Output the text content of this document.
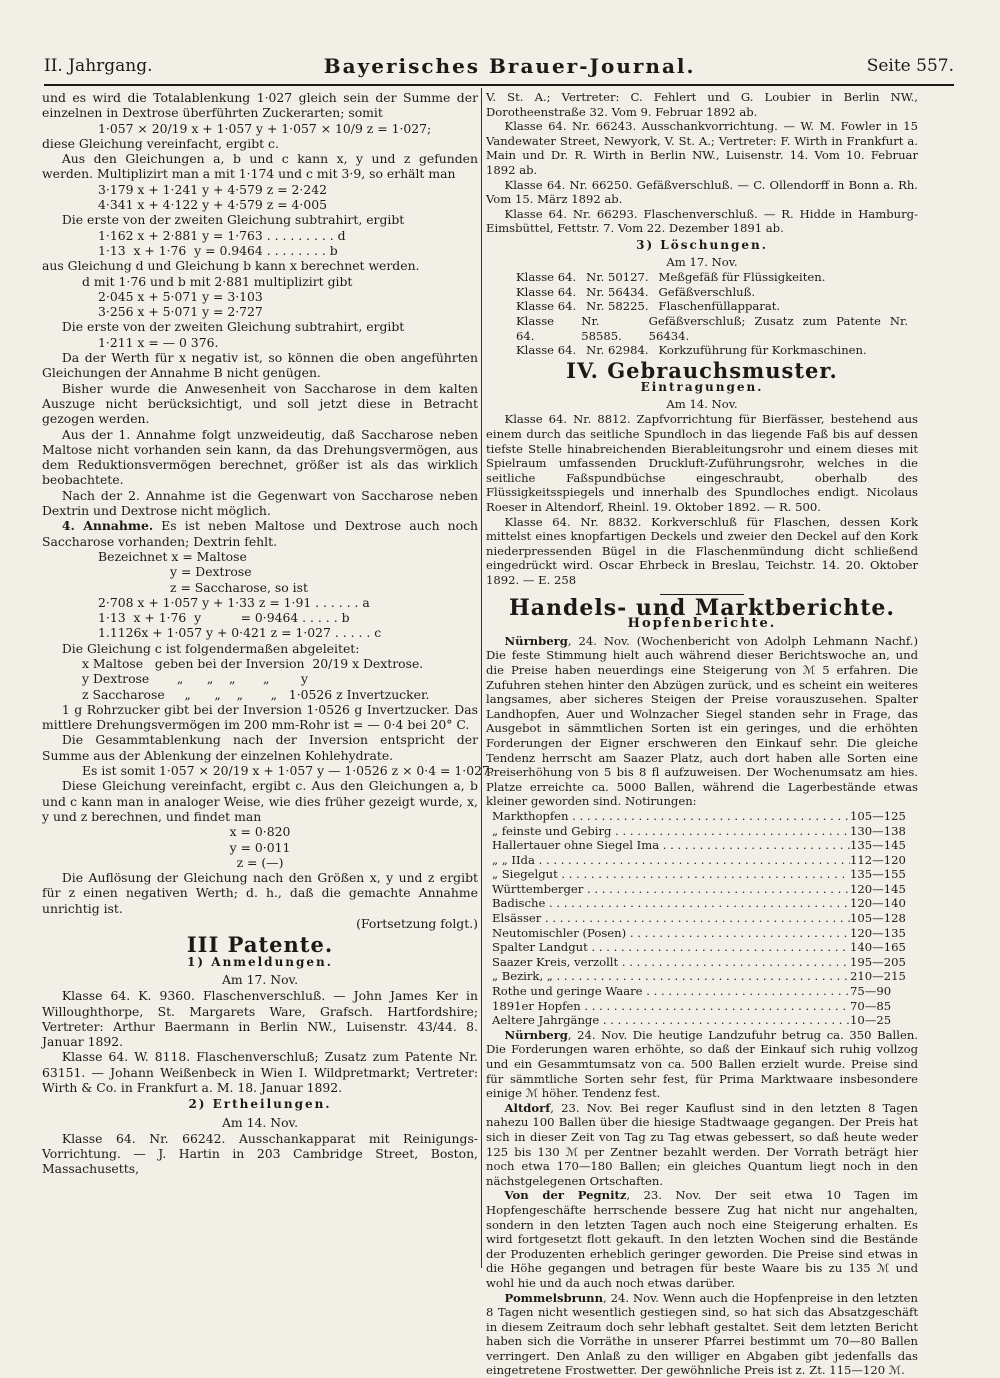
II. Jahrgang.	Bayerisches Brauer-Journal.	Seite 557.

und es wird die Totalablenkung 1·027 gleich sein der Summe der einzelnen in Dextrose überführten Zuckerarten; somit

1·057 × 20/19 x + 1·057 y + 1·057 × 10/9 z = 1·027;

diese Gleichung vereinfacht, ergibt c.

Aus den Gleichungen a, b und c kann x, y und z gefunden werden. Multiplizirt man a mit 1·174 und c mit 3·9, so erhält man

3·179 x + 1·241 y + 4·579 z = 2·242

4·341 x + 4·122 y + 4·579 z = 4·005

Die erste von der zweiten Gleichung subtrahirt, ergibt

1·162 x + 2·881 y = 1·763 . . . . . . . . . d

1·13  x + 1·76  y = 0.9464 . . . . . . . . b

aus Gleichung d und Gleichung b kann x berechnet werden.

d mit 1·76 und b mit 2·881 multiplizirt gibt

2·045 x + 5·071 y = 3·103

3·256 x + 5·071 y = 2·727

Die erste von der zweiten Gleichung subtrahirt, ergibt

1·211 x = — 0 376.

Da der Werth für x negativ ist, so können die oben angeführten Gleichungen der Annahme B nicht genügen.

Bisher wurde die Anwesenheit von Saccharose in dem kalten Auszuge nicht berücksichtigt, und soll jetzt diese in Betracht gezogen werden.

Aus der 1. Annahme folgt unzweideutig, daß Saccharose neben Maltose nicht vorhanden sein kann, da das Drehungsvermögen, aus dem Reduktionsvermögen berechnet, größer ist als das wirklich beobachtete.

Nach der 2. Annahme ist die Gegenwart von Saccharose neben Dextrin und Dextrose nicht möglich.

4. Annahme. Es ist neben Maltose und Dextrose auch noch Saccharose vorhanden; Dextrin fehlt.

Bezeichnet x = Maltose

y = Dextrose

z = Saccharose, so ist

2·708 x + 1·057 y + 1·33 z = 1·91 . . . . . . a

1·13  x + 1·76  y          = 0·9464 . . . . . b

1.1126x + 1·057 y + 0·421 z = 1·027 . . . . . c

Die Gleichung c ist folgendermaßen abgeleitet:

x Maltose   geben bei der Inversion  20/19 x Dextrose.

y Dextrose       „      „    „       „        y

z Saccharose     „      „    „       „   1·0526 z Invertzucker.

1 g Rohrzucker gibt bei der Inversion 1·0526 g Invertzucker. Das mittlere Drehungsvermögen im 200 mm-Rohr ist = — 0·4 bei 20° C.

Die Gesammtablenkung nach der Inversion entspricht der Summe aus der Ablenkung der einzelnen Kohlehydrate.

Es ist somit 1·057 × 20/19 x + 1·057 y — 1·0526 z × 0·4 = 1·027.

Diese Gleichung vereinfacht, ergibt c. Aus den Gleichungen a, b und c kann man in analoger Weise, wie dies früher gezeigt wurde, x, y und z berechnen, und findet man

x = 0·820

y = 0·011

z = (—)

Die Auflösung der Gleichung nach den Größen x, y und z ergibt für z einen negativen Werth; d. h., daß die gemachte Annahme unrichtig ist.

(Fortsetzung folgt.)

III Patente.
1) Anmeldungen.
Am 17. Nov.

Klasse 64. K. 9360. Flaschenverschluß. — John James Ker in Willoughthorpe, St. Margarets Ware, Grafsch. Hartfordshire; Vertreter: Arthur Baermann in Berlin NW., Luisenstr. 43/44. 8. Januar 1892.

Klasse 64. W. 8118. Flaschenverschluß; Zusatz zum Patente Nr. 63151. — Johann Weißenbeck in Wien I. Wildpretmarkt; Vertreter: Wirth & Co. in Frankfurt a. M. 18. Januar 1892.

2) Ertheilungen.
Am 14. Nov.

Klasse 64. Nr. 66242. Ausschankapparat mit Reinigungs-Vorrichtung. — J. Hartin in 203 Cambridge Street, Boston, Massachusetts,

V. St. A.; Vertreter: C. Fehlert und G. Loubier in Berlin NW., Dorotheenstraße 32. Vom 9. Februar 1892 ab.

Klasse 64. Nr. 66243. Ausschankvorrichtung. — W. M. Fowler in 15 Vandewater Street, Newyork, V. St. A.; Vertreter: F. Wirth in Frankfurt a. Main und Dr. R. Wirth in Berlin NW., Luisenstr. 14. Vom 10. Februar 1892 ab.

Klasse 64. Nr. 66250. Gefäßverschluß. — C. Ollendorff in Bonn a. Rh. Vom 15. März 1892 ab.

Klasse 64. Nr. 66293. Flaschenverschluß. — R. Hidde in Hamburg-Eimsbüttel, Fettstr. 7. Vom 22. Dezember 1891 ab.

3) Löschungen.
Am 17. Nov.
Klasse 64. Nr. 50127. Meßgefäß für Flüssigkeiten.
Klasse 64. Nr. 56434. Gefäßverschluß.
Klasse 64. Nr. 58225. Flaschenfüllapparat.
Klasse 64.
Nr. 58585.
Gefäßverschluß; Zusatz zum Patente Nr. 56434.
Klasse 64. Nr. 62984. Korkzuführung für Korkmaschinen.
IV. Gebrauchsmuster.
Eintragungen.
Am 14. Nov.

Klasse 64. Nr. 8812. Zapfvorrichtung für Bierfässer, bestehend aus einem durch das seitliche Spundloch in das liegende Faß bis auf dessen tiefste Stelle hinabreichenden Bierableitungsrohr und einem dieses mit Spielraum umfassenden Druckluft-Zuführungsrohr, welches in die seitliche Faßspundbüchse eingeschraubt, oberhalb des Flüssigkeitsspiegels und innerhalb des Spundloches endigt. Nicolaus Roeser in Altendorf, Rheinl. 19. Oktober 1892. — R. 500.

Klasse 64. Nr. 8832. Korkverschluß für Flaschen, dessen Kork mittelst eines knopfartigen Deckels und zweier den Deckel auf den Kork niederpressenden Bügel in die Flaschenmündung dicht schließend eingedrückt wird. Oscar Ehrbeck in Breslau, Teichstr. 14. 20. Oktober 1892. — E. 258

Handels- und Marktberichte.
Hopfenberichte.

Nürnberg, 24. Nov. (Wochenbericht von Adolph Lehmann Nachf.) Die feste Stimmung hielt auch während dieser Berichtswoche an, und die Preise haben neuerdings eine Steigerung von ℳ 5 erfahren. Die Zufuhren stehen hinter den Abzügen zurück, und es scheint ein weiteres langsames, aber sicheres Steigen der Preise vorauszusehen. Spalter Landhopfen, Auer und Wolnzacher Siegel standen sehr in Frage, das Ausgebot in sämmtlichen Sorten ist ein geringes, und die erhöhten Forderungen der Eigner erschweren den Einkauf sehr. Die gleiche Tendenz herrscht am Saazer Platz, auch dort haben alle Sorten eine Preiserhöhung von 5 bis 8 fl aufzuweisen. Der Wochenumsatz am hies. Platze erreichte ca. 5000 Ballen, während die Lagerbestände etwas kleiner geworden sind. Notirungen:

Markthopfen . . .	105—125
„ feinste und Gebirg . . .	130—138
Hallertauer ohne Siegel Ima . . .	135—145
„ „ IIda . . .	112—120
„ Siegelgut . . .	135—155
Württemberger . . .	120—145
Badische . . .	120—140
Elsässer . . .	105—128
Neutomischler (Posen) . . .	120—135
Spalter Landgut . . .	140—165
Saazer Kreis, verzollt . . .	195—205
„ Bezirk, „ . . .	210—215
Rothe und geringe Waare . . .	75—90
1891er Hopfen . . .	70—85
Aeltere Jahrgänge . . .	10—25

Nürnberg, 24. Nov. Die heutige Landzufuhr betrug ca. 350 Ballen. Die Forderungen waren erhöhte, so daß der Einkauf sich ruhig vollzog und ein Gesammtumsatz von ca. 500 Ballen erzielt wurde. Preise sind für sämmtliche Sorten sehr fest, für Prima Marktwaare insbesondere einige ℳ höher. Tendenz fest.

Altdorf, 23. Nov. Bei reger Kauflust sind in den letzten 8 Tagen nahezu 100 Ballen über die hiesige Stadtwaage gegangen. Der Preis hat sich in dieser Zeit von Tag zu Tag etwas gebessert, so daß heute weder 125 bis 130 ℳ per Zentner bezahlt werden. Der Vorrath beträgt hier noch etwa 170—180 Ballen; ein gleiches Quantum liegt noch in den nächstgelegenen Ortschaften.

Von der Pegnitz, 23. Nov. Der seit etwa 10 Tagen im Hopfengeschäfte herrschende bessere Zug hat nicht nur angehalten, sondern in den letzten Tagen auch noch eine Steigerung erhalten. Es wird fortgesetzt flott gekauft. In den letzten Wochen sind die Bestände der Produzenten erheblich geringer geworden. Die Preise sind etwas in die Höhe gegangen und betragen für beste Waare bis zu 135 ℳ und wohl hie und da auch noch etwas darüber.

Pommelsbrunn, 24. Nov. Wenn auch die Hopfenpreise in den letzten 8 Tagen nicht wesentlich gestiegen sind, so hat sich das Absatzgeschäft in diesem Zeitraum doch sehr lebhaft gestaltet. Seit dem letzten Bericht haben sich die Vorräthe in unserer Pfarrei bestimmt um 70—80 Ballen verringert. Den Anlaß zu den williger en Abgaben gibt jedenfalls das eingetretene Frostwetter. Der gewöhnliche Preis ist z. Zt. 115—120 ℳ.
